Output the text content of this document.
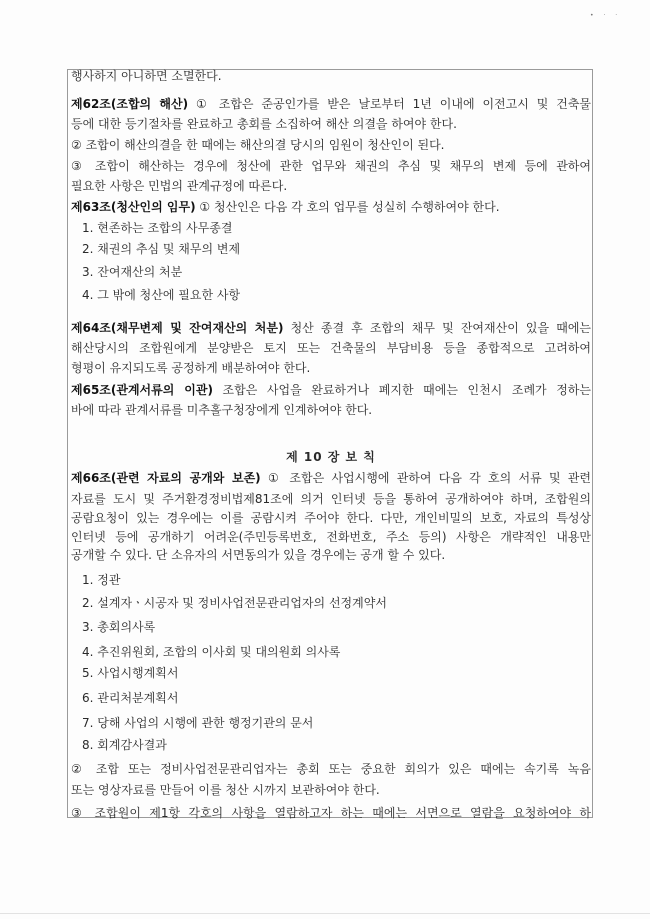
• · ·
행사하지 아니하면 소멸한다.
제62조(조합의 해산) ① 조합은 준공인가를 받은 날로부터 1년 이내에 이전고시 및 건축물
등에 대한 등기절차를 완료하고 총회를 소집하여 해산 의결을 하여야 한다.
② 조합이 해산의결을 한 때에는 해산의결 당시의 임원이 청산인이 된다.
③ 조합이 해산하는 경우에 청산에 관한 업무와 채권의 추심 및 채무의 변제 등에 관하여
필요한 사항은 민법의 관계규정에 따른다.
제63조(청산인의 임무) ① 청산인은 다음 각 호의 업무를 성실히 수행하여야 한다.
1. 현존하는 조합의 사무종결
2. 채권의 추심 및 채무의 변제
3. 잔여재산의 처분
4. 그 밖에 청산에 필요한 사항
제64조(채무변제 및 잔여재산의 처분) 청산 종결 후 조합의 채무 및 잔여재산이 있을 때에는
해산당시의 조합원에게 분양받은 토지 또는 건축물의 부담비용 등을 종합적으로 고려하여
형평이 유지되도록 공정하게 배분하여야 한다.
제65조(관계서류의 이관) 조합은 사업을 완료하거나 폐지한 때에는 인천시 조례가 정하는
바에 따라 관계서류를 미추홀구청장에게 인계하여야 한다.
제66조(관련 자료의 공개와 보존) ① 조합은 사업시행에 관하여 다음 각 호의 서류 및 관련
자료를 도시 및 주거환경정비법제81조에 의거 인터넷 등을 통하여 공개하여야 하며, 조합원의
공람요청이 있는 경우에는 이를 공람시켜 주어야 한다. 다만, 개인비밀의 보호, 자료의 특성상
인터넷 등에 공개하기 어려운(주민등록번호, 전화번호, 주소 등의) 사항은 개략적인 내용만
공개할 수 있다. 단 소유자의 서면동의가 있을 경우에는 공개 할 수 있다.
1. 정관
2. 설계자ㆍ시공자 및 정비사업전문관리업자의 선정계약서
3. 총회의사록
4. 추진위원회, 조합의 이사회 및 대의원회 의사록
5. 사업시행계획서
6. 관리처분계획서
7. 당해 사업의 시행에 관한 행정기관의 문서
8. 회계감사결과
② 조합 또는 정비사업전문관리업자는 총회 또는 중요한 회의가 있은 때에는 속기록 녹음
또는 영상자료를 만들어 이를 청산 시까지 보관하여야 한다.
③ 조합원이 제1항 각호의 사항을 열람하고자 하는 때에는 서면으로 열람을 요청하여야 하
제 10 장 보 칙
